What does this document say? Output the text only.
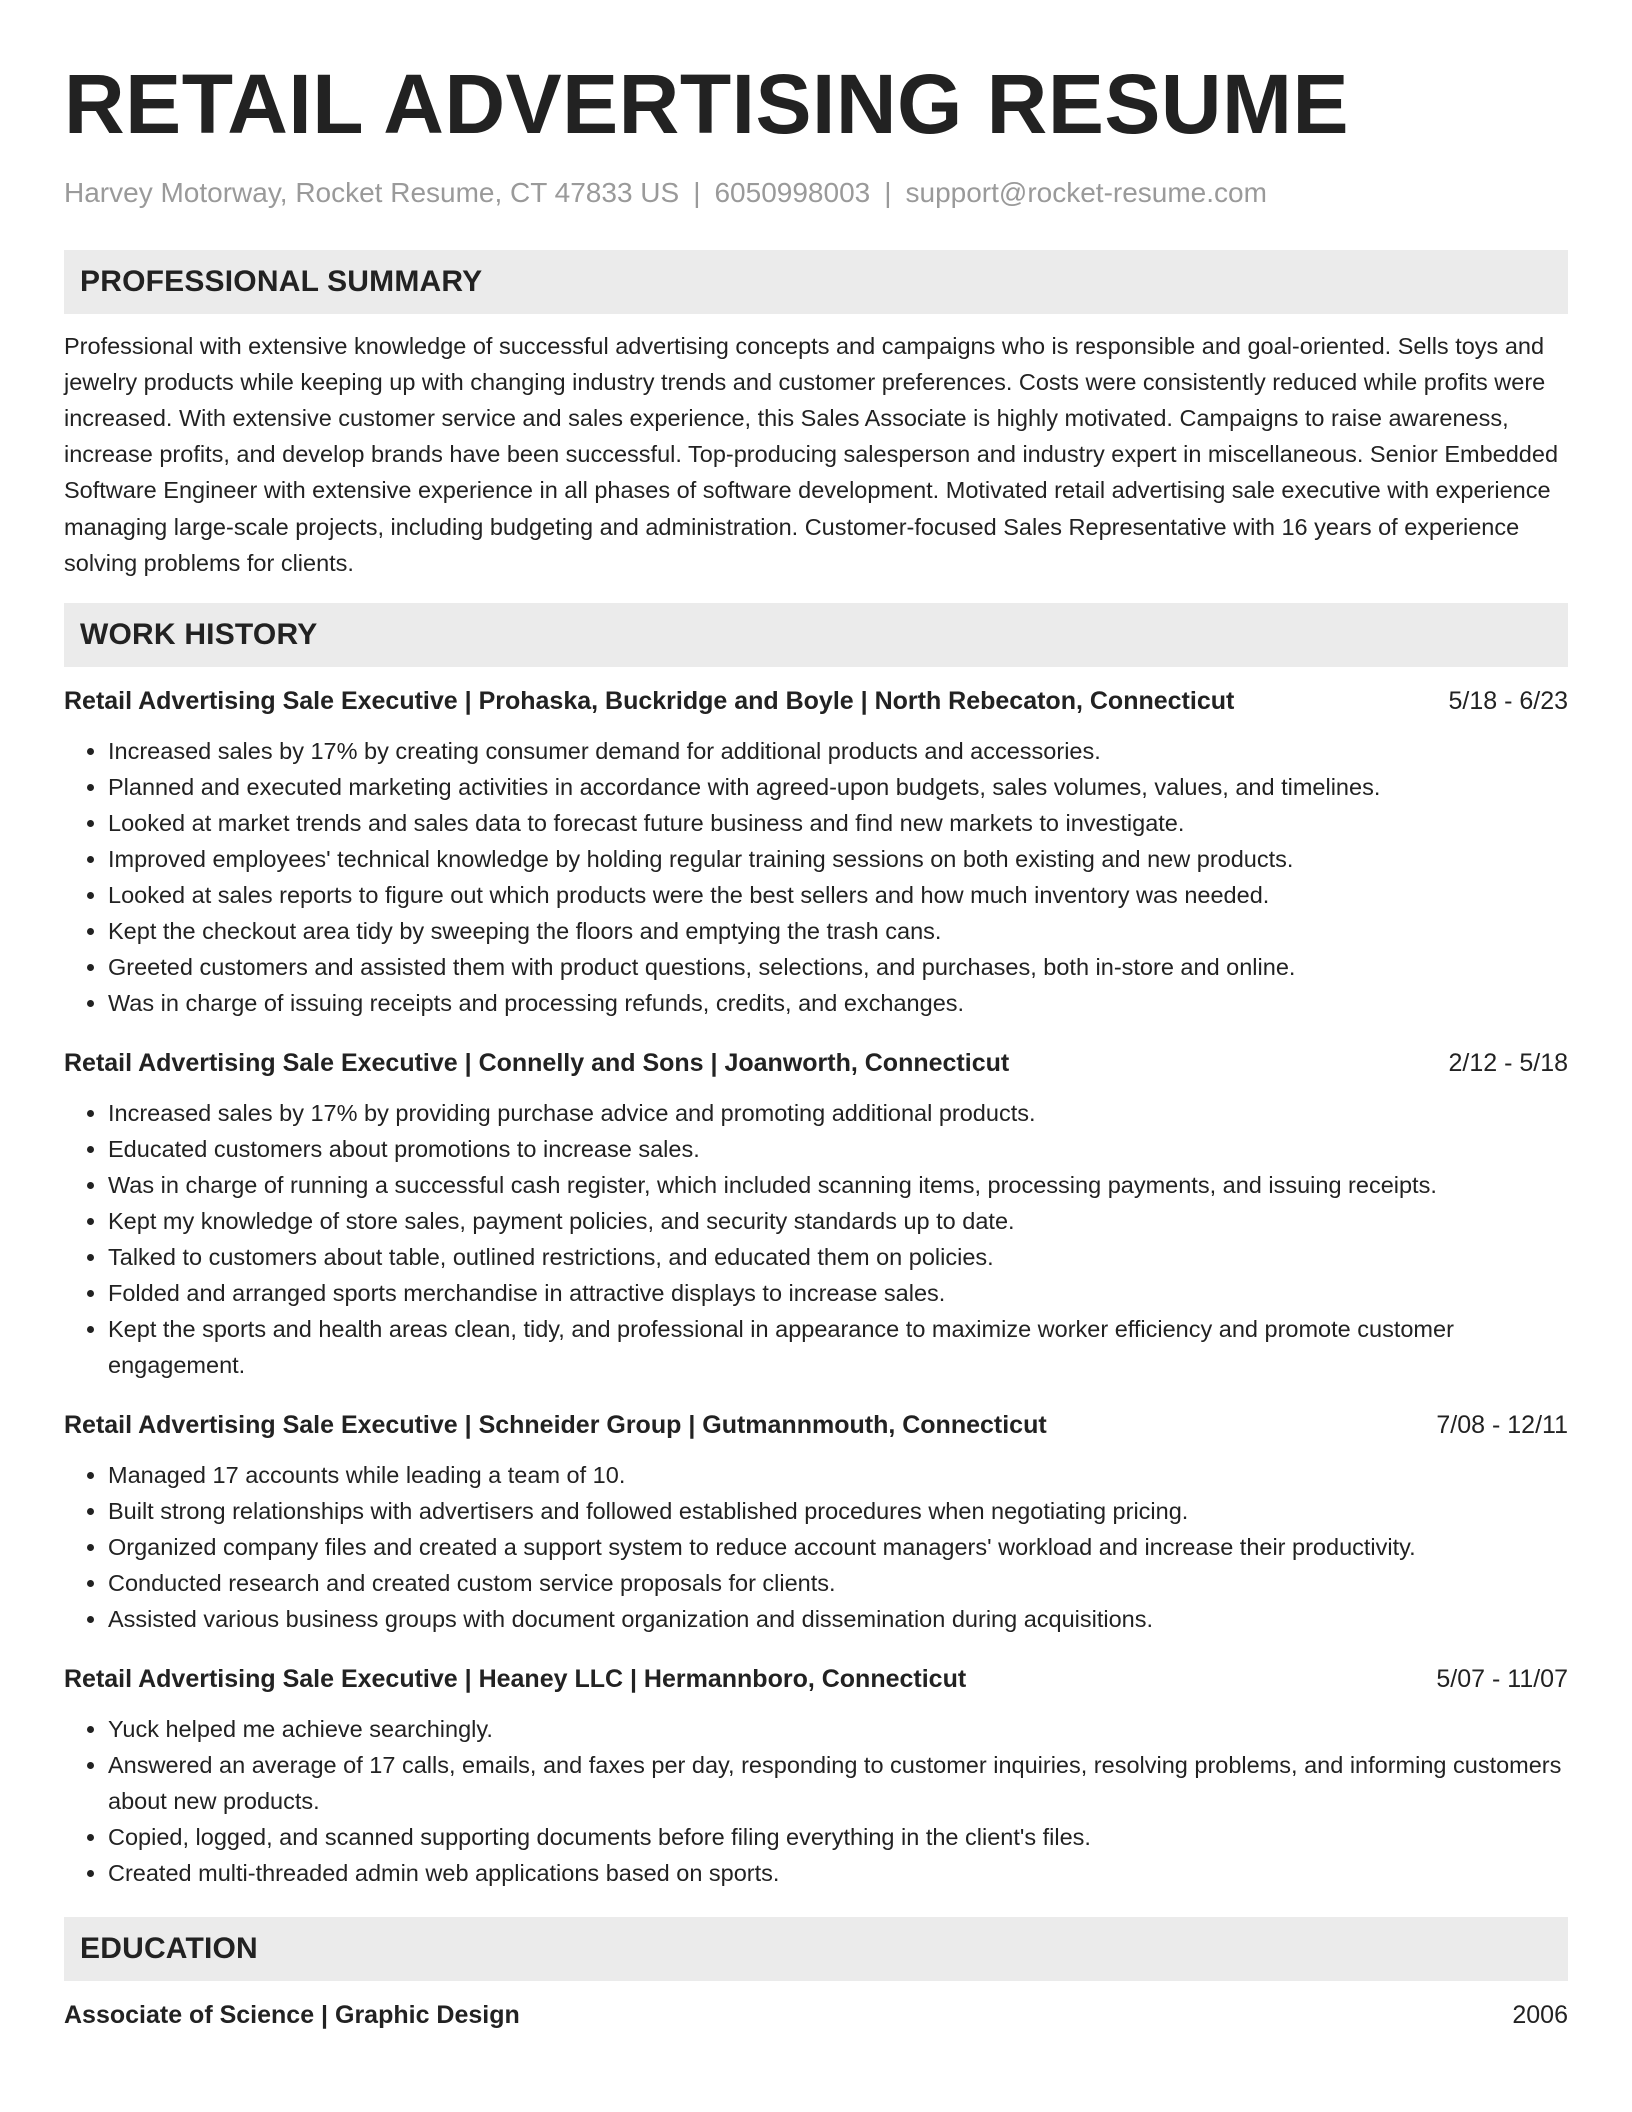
RETAIL ADVERTISING RESUME
Harvey Motorway, Rocket Resume, CT 47833 US | 6050998003 | support@rocket-resume.com
PROFESSIONAL SUMMARY

Professional with extensive knowledge of successful advertising concepts and campaigns who is responsible and goal-oriented. Sells toys and jewelry products while keeping up with changing industry trends and customer preferences. Costs were consistently reduced while profits were increased. With extensive customer service and sales experience, this Sales Associate is highly motivated. Campaigns to raise awareness, increase profits, and develop brands have been successful. Top-producing salesperson and industry expert in miscellaneous. Senior Embedded Software Engineer with extensive experience in all phases of software development. Motivated retail advertising sale executive with experience managing large-scale projects, including budgeting and administration. Customer-focused Sales Representative with 16 years of experience solving problems for clients.

WORK HISTORY
Retail Advertising Sale Executive | Prohaska, Buckridge and Boyle | North Rebecaton, Connecticut	5/18 - 6/23
• Increased sales by 17% by creating consumer demand for additional products and accessories.
• Planned and executed marketing activities in accordance with agreed-upon budgets, sales volumes, values, and timelines.
• Looked at market trends and sales data to forecast future business and find new markets to investigate.
• Improved employees' technical knowledge by holding regular training sessions on both existing and new products.
• Looked at sales reports to figure out which products were the best sellers and how much inventory was needed.
• Kept the checkout area tidy by sweeping the floors and emptying the trash cans.
• Greeted customers and assisted them with product questions, selections, and purchases, both in-store and online.
• Was in charge of issuing receipts and processing refunds, credits, and exchanges.
Retail Advertising Sale Executive | Connelly and Sons | Joanworth, Connecticut	2/12 - 5/18
• Increased sales by 17% by providing purchase advice and promoting additional products.
• Educated customers about promotions to increase sales.
• Was in charge of running a successful cash register, which included scanning items, processing payments, and issuing receipts.
• Kept my knowledge of store sales, payment policies, and security standards up to date.
• Talked to customers about table, outlined restrictions, and educated them on policies.
• Folded and arranged sports merchandise in attractive displays to increase sales.
• Kept the sports and health areas clean, tidy, and professional in appearance to maximize worker efficiency and promote customer engagement.
Retail Advertising Sale Executive | Schneider Group | Gutmannmouth, Connecticut	7/08 - 12/11
• Managed 17 accounts while leading a team of 10.
• Built strong relationships with advertisers and followed established procedures when negotiating pricing.
• Organized company files and created a support system to reduce account managers' workload and increase their productivity.
• Conducted research and created custom service proposals for clients.
• Assisted various business groups with document organization and dissemination during acquisitions.
Retail Advertising Sale Executive | Heaney LLC | Hermannboro, Connecticut	5/07 - 11/07
• Yuck helped me achieve searchingly.
• Answered an average of 17 calls, emails, and faxes per day, responding to customer inquiries, resolving problems, and informing customers about new products.
• Copied, logged, and scanned supporting documents before filing everything in the client's files.
• Created multi-threaded admin web applications based on sports.
EDUCATION
Associate of Science | Graphic Design	2006
